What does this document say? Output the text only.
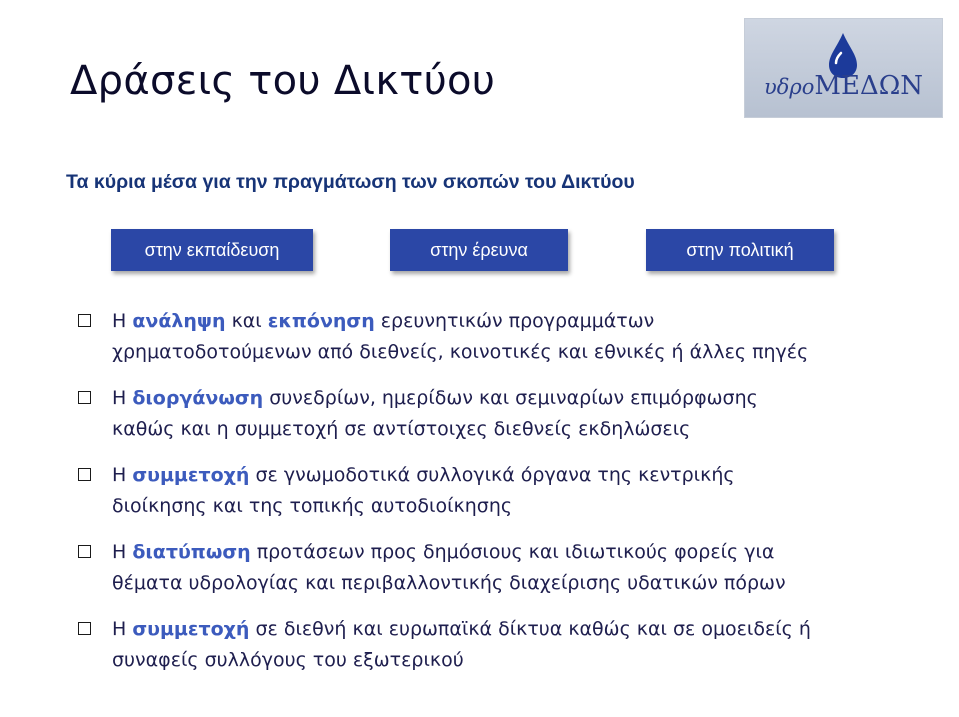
Δράσεις του Δικτύου	υδροΜΕΔΩΝ
Τα κύρια μέσα για την πραγμάτωση των σκοπών του Δικτύου
στην εκπαίδευση	στην έρευνα	στην πολιτική
Η ανάληψη και εκπόνηση ερευνητικών προγραμμάτων
χρηματοδοτούμενων από διεθνείς, κοινοτικές και εθνικές ή άλλες πηγές
Η διοργάνωση συνεδρίων, ημερίδων και σεμιναρίων επιμόρφωσης
καθώς και η συμμετοχή σε αντίστοιχες διεθνείς εκδηλώσεις
Η συμμετοχή σε γνωμοδοτικά συλλογικά όργανα της κεντρικής
διοίκησης και της τοπικής αυτοδιοίκησης
Η διατύπωση προτάσεων προς δημόσιους και ιδιωτικούς φορείς για
θέματα υδρολογίας και περιβαλλοντικής διαχείρισης υδατικών πόρων
Η συμμετοχή σε διεθνή και ευρωπαϊκά δίκτυα καθώς και σε ομοειδείς ή
συναφείς συλλόγους του εξωτερικού
